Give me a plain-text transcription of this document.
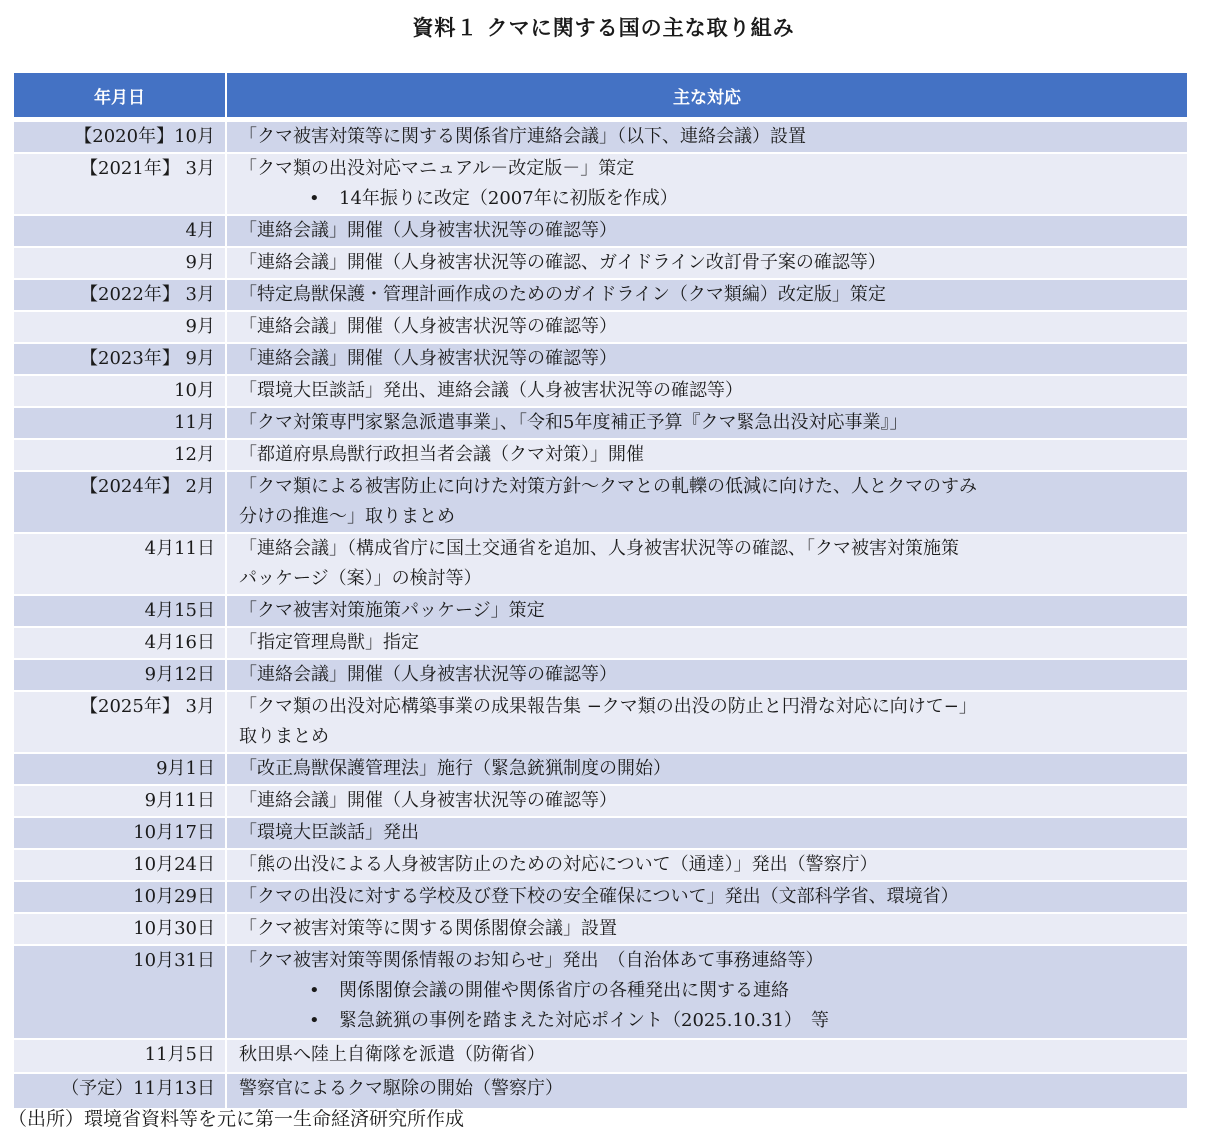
資料１ クマに関する国の主な取り組み
年月日	主な対応
【2020年】10月	「クマ被害対策等に関する関係省庁連絡会議」（以下、連絡会議）設置
【2021年】 3月	「クマ類の出没対応マニュアル－改定版－」策定
• 14年振りに改定（2007年に初版を作成）
4月	「連絡会議」開催（人身被害状況等の確認等）
9月	「連絡会議」開催（人身被害状況等の確認、ガイドライン改訂骨子案の確認等）
【2022年】 3月	「特定鳥獣保護・管理計画作成のためのガイドライン（クマ類編）改定版」策定
9月	「連絡会議」開催（人身被害状況等の確認等）
【2023年】 9月	「連絡会議」開催（人身被害状況等の確認等）
10月	「環境大臣談話」発出、連絡会議（人身被害状況等の確認等）
11月	「クマ対策専門家緊急派遣事業」、「令和5年度補正予算『クマ緊急出没対応事業』」
12月	「都道府県鳥獣行政担当者会議（クマ対策）」開催
【2024年】 2月	「クマ類による被害防止に向けた対策方針～クマとの軋轢の低減に向けた、人とクマのすみ
分けの推進～」取りまとめ
4月11日	「連絡会議」（構成省庁に国土交通省を追加、人身被害状況等の確認、「クマ被害対策施策
パッケージ（案）」の検討等）
4月15日	「クマ被害対策施策パッケージ」策定
4月16日	「指定管理鳥獣」指定
9月12日	「連絡会議」開催（人身被害状況等の確認等）
【2025年】 3月	「クマ類の出没対応構築事業の成果報告集 −クマ類の出没の防止と円滑な対応に向けて−」
取りまとめ
9月1日	「改正鳥獣保護管理法」施行（緊急銃猟制度の開始）
9月11日	「連絡会議」開催（人身被害状況等の確認等）
10月17日	「環境大臣談話」発出
10月24日	「熊の出没による人身被害防止のための対応について（通達）」発出（警察庁）
10月29日	「クマの出没に対する学校及び登下校の安全確保について」発出（文部科学省、環境省）
10月30日	「クマ被害対策等に関する関係閣僚会議」設置
10月31日	「クマ被害対策等関係情報のお知らせ」発出　（自治体あて事務連絡等）
• 関係閣僚会議の開催や関係省庁の各種発出に関する連絡
• 緊急銃猟の事例を踏まえた対応ポイント（2025.10.31）　等
11月5日	秋田県へ陸上自衛隊を派遣（防衛省）
（予定）11月13日	警察官によるクマ駆除の開始（警察庁）
（出所）環境省資料等を元に第一生命経済研究所作成
